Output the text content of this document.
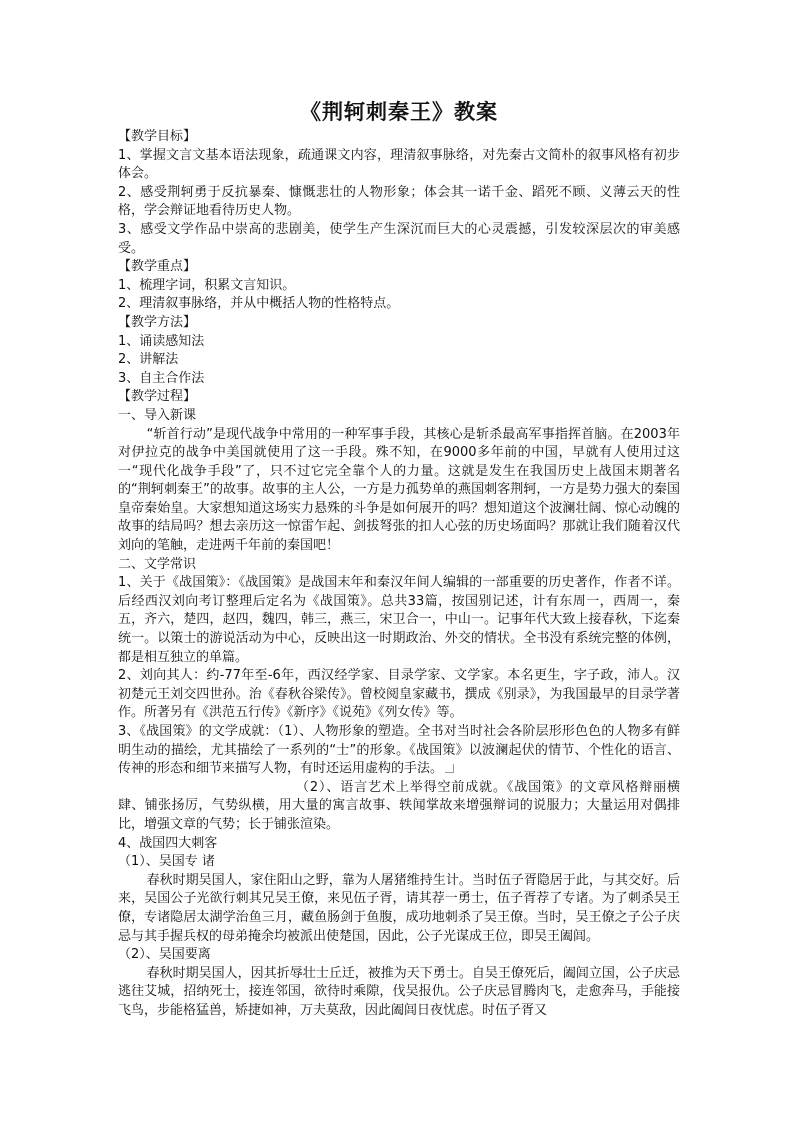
《荆轲刺秦王》教案

【教学目标】

1、掌握文言文基本语法现象，疏通课文内容，理清叙事脉络，对先秦古文简朴的叙事风格有初步体会。

2、感受荆轲勇于反抗暴秦、慷慨悲壮的人物形象；体会其一诺千金、蹈死不顾、义薄云天的性格，学会辩证地看待历史人物。

3、感受文学作品中崇高的悲剧美，使学生产生深沉而巨大的心灵震撼，引发较深层次的审美感受。

【教学重点】

1、梳理字词，积累文言知识。

2、理清叙事脉络，并从中概括人物的性格特点。

【教学方法】

1、诵读感知法

2、讲解法

3、自主合作法

【教学过程】

一、导入新课

“斩首行动”是现代战争中常用的一种军事手段，其核心是斩杀最高军事指挥首脑。在2003年对伊拉克的战争中美国就使用了这一手段。殊不知，在9000多年前的中国，早就有人使用过这一“现代化战争手段”了，只不过它完全靠个人的力量。这就是发生在我国历史上战国末期著名的“荆轲刺秦王”的故事。故事的主人公，一方是力孤势单的燕国刺客荆轲，一方是势力强大的秦国皇帝秦始皇。大家想知道这场实力悬殊的斗争是如何展开的吗？想知道这个波澜壮阔、惊心动魄的故事的结局吗？想去亲历这一惊雷乍起、剑拔弩张的扣人心弦的历史场面吗？那就让我们随着汉代刘向的笔触，走进两千年前的秦国吧！

二、文学常识

1、关于《战国策》：《战国策》是战国末年和秦汉年间人编辑的一部重要的历史著作，作者不详。后经西汉刘向考订整理后定名为《战国策》。总共33篇，按国别记述，计有东周一，西周一，秦五，齐六，楚四，赵四，魏四，韩三，燕三，宋卫合一，中山一。记事年代大致上接春秋，下迄秦统一。以策士的游说活动为中心，反映出这一时期政治、外交的情状。全书没有系统完整的体例，都是相互独立的单篇。

2、刘向其人：约-77年至-6年，西汉经学家、目录学家、文学家。本名更生，字子政，沛人。汉初楚元王刘交四世孙。治《春秋谷梁传》。曾校阅皇家藏书，撰成《别录》，为我国最早的目录学著作。所著另有《洪范五行传》《新序》《说苑》《列女传》等。

3、《战国策》的文学成就：（1）、人物形象的塑造。全书对当时社会各阶层形形色色的人物多有鲜明生动的描绘，尤其描绘了一系列的“士”的形象。《战国策》以波澜起伏的情节、个性化的语言、传神的形态和细节来描写人物，有时还运用虚构的手法。

（2）、语言艺术上举得空前成就。《战国策》的文章风格辩丽横肆、铺张扬厉，气势纵横，用大量的寓言故事、轶闻掌故来增强辩词的说服力；大量运用对偶排比，增强文章的气势；长于铺张渲染。

4、战国四大刺客

（1）、吴国专 诸

春秋时期吴国人，家住阳山之野，靠为人屠猪维持生计。当时伍子胥隐居于此，与其交好。后来，吴国公子光欲行刺其兄吴王僚，来见伍子胥，请其荐一勇士，伍子胥荐了专诸。为了刺杀吴王僚，专诸隐居太湖学治鱼三月，藏鱼肠剑于鱼腹，成功地刺杀了吴王僚。当时，吴王僚之子公子庆忌与其手握兵权的母弟掩余均被派出使楚国，因此，公子光谋成王位，即吴王阖闾。

（2）、吴国要离

春秋时期吴国人，因其折辱壮士丘迁，被推为天下勇士。自吴王僚死后，阖闾立国，公子庆忌逃往艾城，招纳死士，接连邻国，欲待时乘隙，伐吴报仇。公子庆忌冒腾肉飞，走愈奔马，手能接飞鸟，步能格猛兽，矫捷如神，万夫莫敌，因此阖闾日夜忧虑。时伍子胥又
